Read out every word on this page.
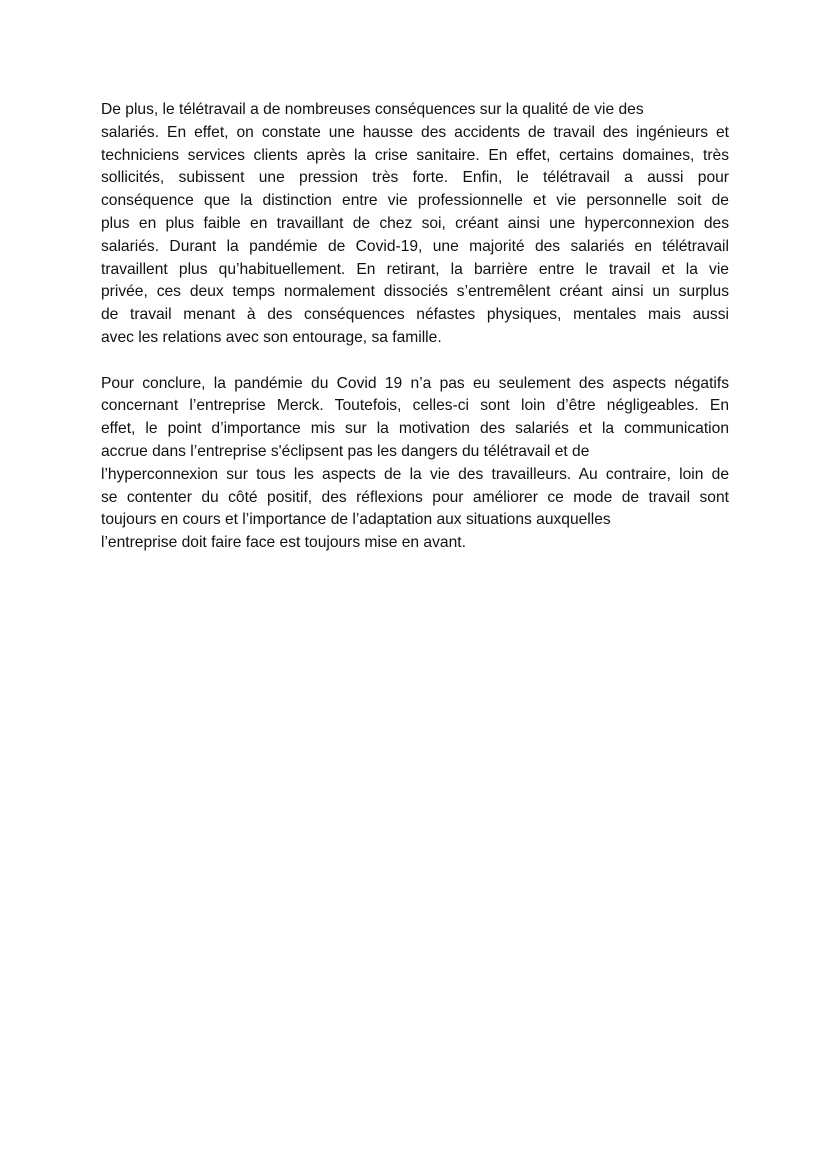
De plus, le télétravail a de nombreuses conséquences sur la qualité de vie des
salariés. En effet, on constate une hausse des accidents de travail des ingénieurs et
techniciens services clients après la crise sanitaire. En effet, certains domaines, très
sollicités, subissent une pression très forte. Enfin, le télétravail a aussi pour
conséquence que la distinction entre vie professionnelle et vie personnelle soit de
plus en plus faible en travaillant de chez soi, créant ainsi une hyperconnexion des
salariés. Durant la pandémie de Covid-19, une majorité des salariés en télétravail
travaillent plus qu’habituellement. En retirant, la barrière entre le travail et la vie
privée, ces deux temps normalement dissociés s’entremêlent créant ainsi un surplus
de travail menant à des conséquences néfastes physiques, mentales mais aussi
avec les relations avec son entourage, sa famille.

Pour conclure, la pandémie du Covid 19 n’a pas eu seulement des aspects négatifs
concernant l’entreprise Merck. Toutefois, celles-ci sont loin d’être négligeables. En
effet, le point d’importance mis sur la motivation des salariés et la communication
accrue dans l’entreprise s'éclipsent pas les dangers du télétravail et de
l’hyperconnexion sur tous les aspects de la vie des travailleurs. Au contraire, loin de
se contenter du côté positif, des réflexions pour améliorer ce mode de travail sont
toujours en cours et l’importance de l’adaptation aux situations auxquelles
l’entreprise doit faire face est toujours mise en avant.
